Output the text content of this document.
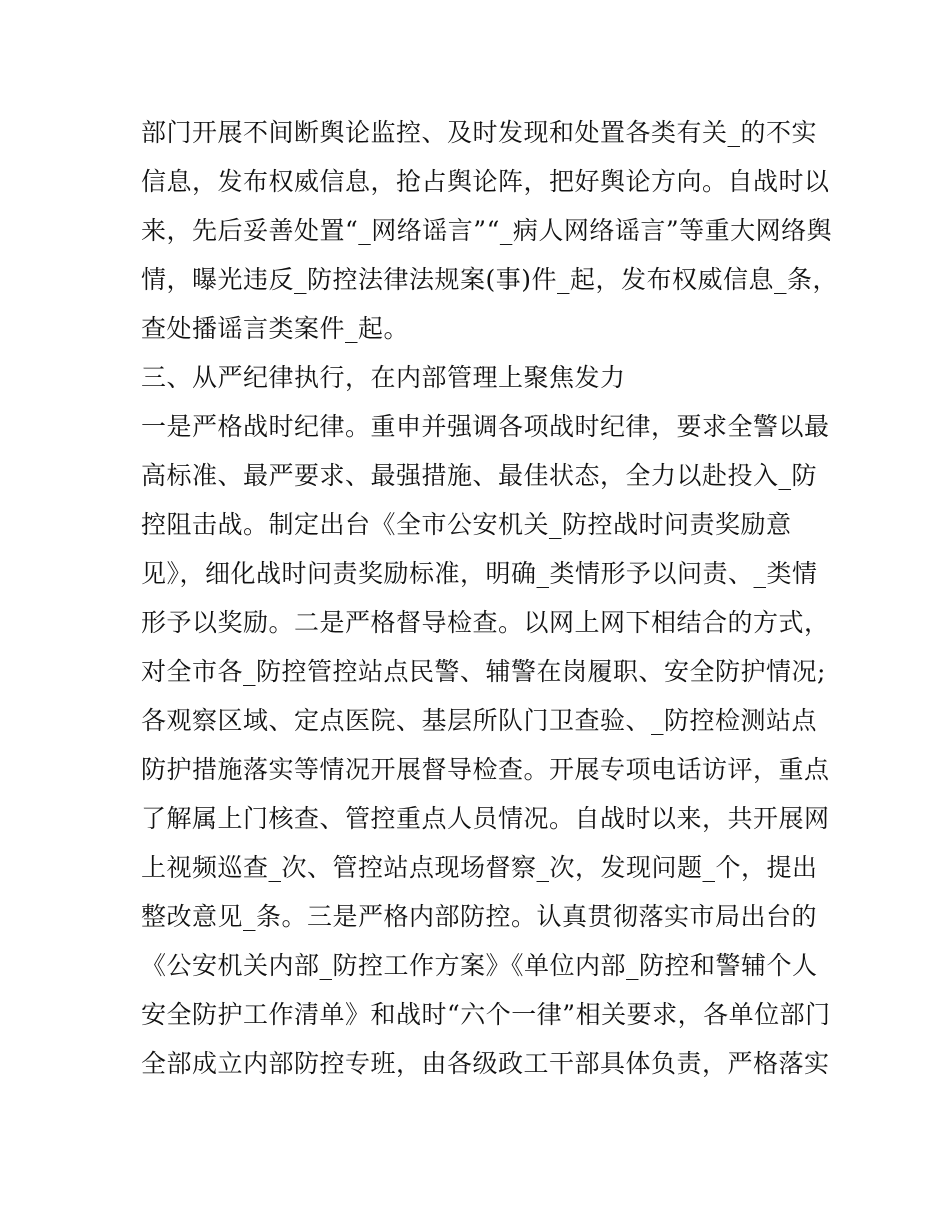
部门开展不间断舆论监控、及时发现和处置各类有关_的不实
信息，发布权威信息，抢占舆论阵，把好舆论方向。自战时以
来，先后妥善处置“_网络谣言”“_病人网络谣言”等重大网络舆
情，曝光违反_防控法律法规案(事)件_起，发布权威信息_条，
查处播谣言类案件_起。
三、从严纪律执行，在内部管理上聚焦发力
一是严格战时纪律。重申并强调各项战时纪律，要求全警以最
高标准、最严要求、最强措施、最佳状态，全力以赴投入_防
控阻击战。制定出台《全市公安机关_防控战时问责奖励意
见》，细化战时问责奖励标准，明确_类情形予以问责、_类情
形予以奖励。二是严格督导检查。以网上网下相结合的方式，
对全市各_防控管控站点民警、辅警在岗履职、安全防护情况;
各观察区域、定点医院、基层所队门卫查验、_防控检测站点
防护措施落实等情况开展督导检查。开展专项电话访评，重点
了解属上门核查、管控重点人员情况。自战时以来，共开展网
上视频巡查_次、管控站点现场督察_次，发现问题_个，提出
整改意见_条。三是严格内部防控。认真贯彻落实市局出台的
《公安机关内部_防控工作方案》《单位内部_防控和警辅个人
安全防护工作清单》和战时“六个一律”相关要求，各单位部门
全部成立内部防控专班，由各级政工干部具体负责，严格落实
